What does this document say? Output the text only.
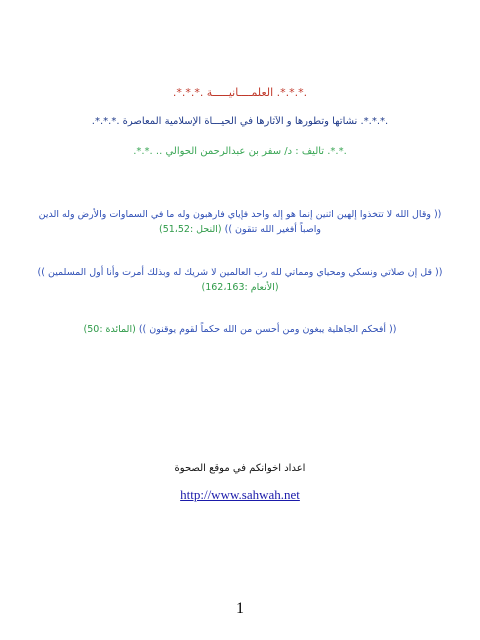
.*.*.*. العلمــــانيـــــة .*.*.*.
.*.*.*. نشأتها وتطورها و الآثارها في الحيـــاة الإسلامية المعاصرة .*.*.*.
.*.*. تأليف : د/ سفر بن عبدالرحمن الحوالي .. .*.*.
(( وقال الله لا تتخذوا إلهين اثنين إنما هو إله واحد فإياي فارهبون وله ما في السماوات والأرض وله الدين واصباً أفغير الله تتقون )) (النحل :51،52)
(( قل إن صلاتي ونسكي ومحياي ومماتي لله رب العالمين لا شريك له وبذلك أمرت وأنا أول المسلمين ))
(الأنعام :162،163)
(( أفحكم الجاهلية يبغون ومن أحسن من الله حكماً لقوم يوقنون )) (المائدة :50)
اعداد اخوانكم في موقع الصحوة
http://www.sahwah.net
1
